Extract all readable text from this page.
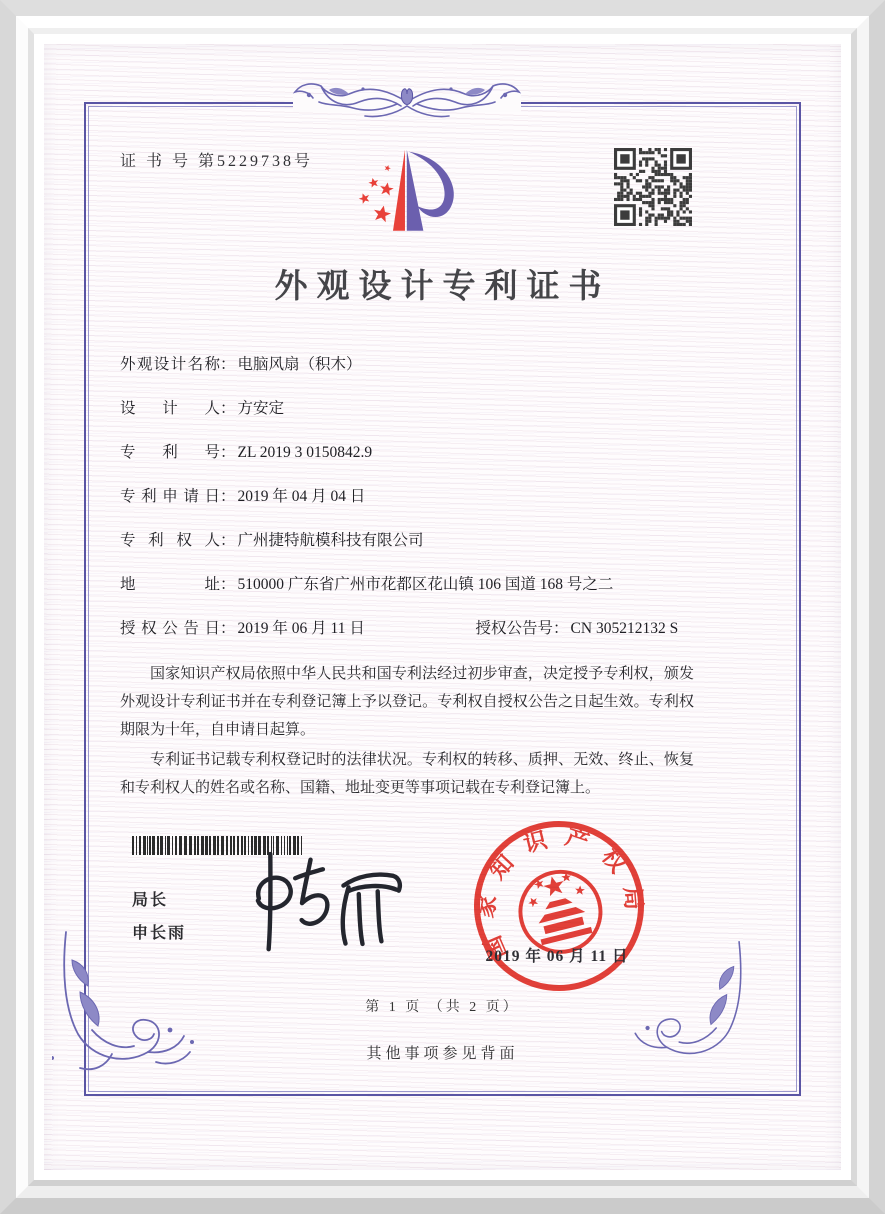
证 书 号 第5229738号
外观设计专利证书
外观设计名称 ： 电脑风扇（积木）
设计人 ： 方安定
专利号 ： ZL 2019 3 0150842.9
专利申请日 ： 2019 年 04 月 04 日
专利权人 ： 广州捷特航模科技有限公司
地址 ： 510000 广东省广州市花都区花山镇 106 国道 168 号之二
授权公告日 ： 2019 年 06 月 11 日	授权公告号 ： CN 305212132 S

国家知识产权局依照中华人民共和国专利法经过初步审查，决定授予专利权，颁发外观设计专利证书并在专利登记簿上予以登记。专利权自授权公告之日起生效。专利权期限为十年，自申请日起算。

专利证书记载专利权登记时的法律状况。专利权的转移、质押、无效、终止、恢复和专利权人的姓名或名称、国籍、地址变更等事项记载在专利登记簿上。

局长
申长雨	国家知识产权局
2019 年 06 月 11 日
第 1 页 （共 2 页）
其他事项参见背面
